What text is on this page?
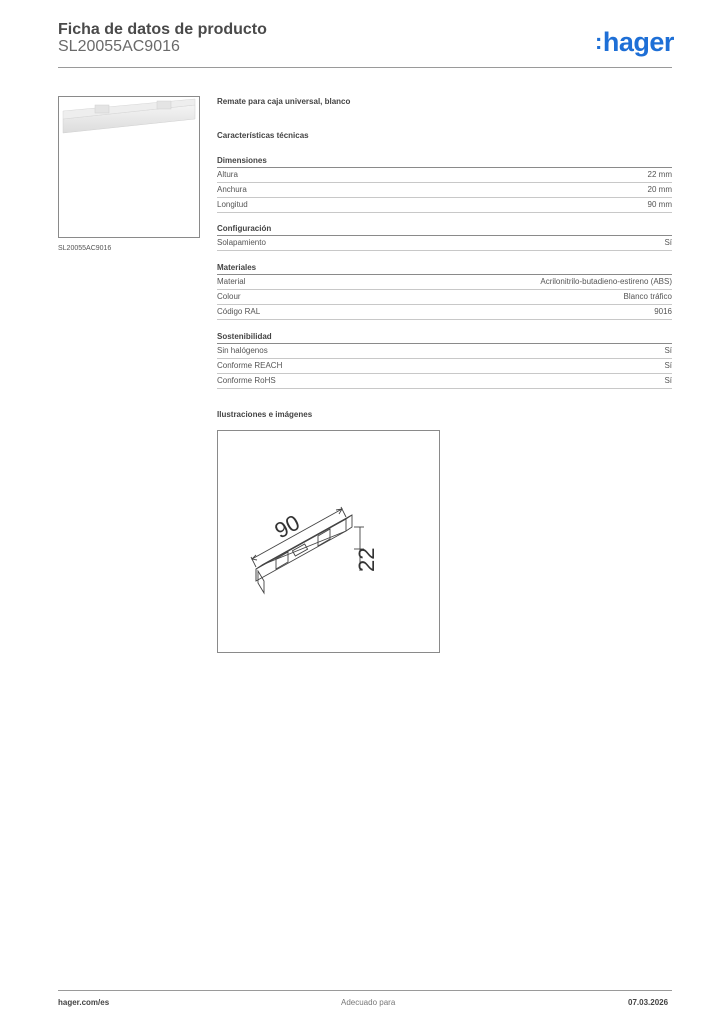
Ficha de datos de producto
SL20055AC9016	:hager
SL20055AC9016
Remate para caja universal, blanco
Características técnicas
Dimensiones
Altura	22 mm
Anchura	20 mm
Longitud	90 mm
Configuración
Solapamiento	Sí
Materiales
Material	Acrilonitrilo-butadieno-estireno (ABS)
Colour	Blanco tráfico
Código RAL	9016
Sostenibilidad
Sin halógenos	Sí
Conforme REACH	Sí
Conforme RoHS	Sí
Ilustraciones e imágenes
90
22
hager.com/es	Adecuado para	07.03.2026
